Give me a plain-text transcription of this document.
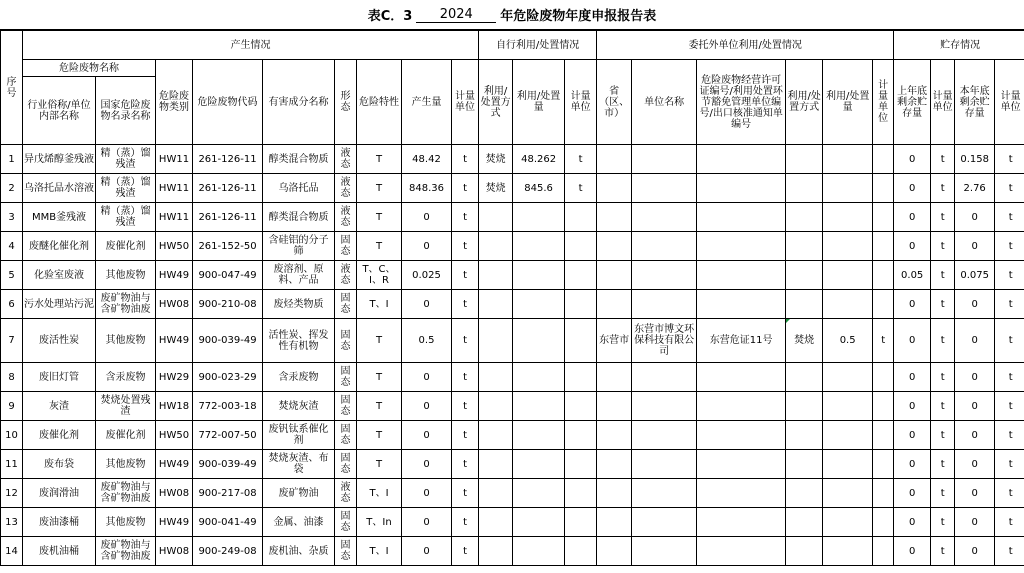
表C．3	2024	年危险废物年度申报报告表
序号	产生情况									自行利用/处置情况			委托外单位利用/处置情况						贮存情况			
	危险废物名称		危险废物类别	危险废物代码	有害成分名称	形态	危险特性	产生量	计量单位	利用/处置方式	利用/处置量	计量单位	省（区、市）	单位名称	危险废物经营许可证编号/利用处置环节豁免管理单位编号/出口核准通知单编号	利用/处置方式	利用/处置量	计量单位	上年底剩余贮存量	计量单位	本年底剩余贮存量	计量单位
	行业俗称/单位内部名称	国家危险废物名录名称																				
1	异戊烯醇釜残液	精（蒸）馏残渣	HW11	261-126-11	醇类混合物质	液态	T	48.42	t	焚烧	48.262	t							0	t	0.158	t
2	乌洛托品水溶液	精（蒸）馏残渣	HW11	261-126-11	乌洛托品	液态	T	848.36	t	焚烧	845.6	t							0	t	2.76	t
3	MMB釜残液	精（蒸）馏残渣	HW11	261-126-11	醇类混合物质	液态	T	0	t										0	t	0	t
4	废醚化催化剂	废催化剂	HW50	261-152-50	含硅铝的分子筛	固态	T	0	t										0	t	0	t
5	化验室废液	其他废物	HW49	900-047-49	废溶剂、原料、产品	液态	T、C、I、R	0.025	t										0.05	t	0.075	t
6	污水处理站污泥	废矿物油与含矿物油废	HW08	900-210-08	废烃类物质	固态	T、I	0	t										0	t	0	t
7	废活性炭	其他废物	HW49	900-039-49	活性炭、挥发性有机物	固态	T	0.5	t				东营市	东营市博文环保科技有限公司	东营危证11号	焚烧	0.5	t	0	t	0	t
8	废旧灯管	含汞废物	HW29	900-023-29	含汞废物	固态	T	0	t										0	t	0	t
9	灰渣	焚烧处置残渣	HW18	772-003-18	焚烧灰渣	固态	T	0	t										0	t	0	t
10	废催化剂	废催化剂	HW50	772-007-50	废钒钛系催化剂	固态	T	0	t										0	t	0	t
11	废布袋	其他废物	HW49	900-039-49	焚烧灰渣、布袋	固态	T	0	t										0	t	0	t
12	废润滑油	废矿物油与含矿物油废	HW08	900-217-08	废矿物油	液态	T、I	0	t										0	t	0	t
13	废油漆桶	其他废物	HW49	900-041-49	金属、油漆	固态	T、In	0	t										0	t	0	t
14	废机油桶	废矿物油与含矿物油废	HW08	900-249-08	废机油、杂质	固态	T、I	0	t										0	t	0	t
